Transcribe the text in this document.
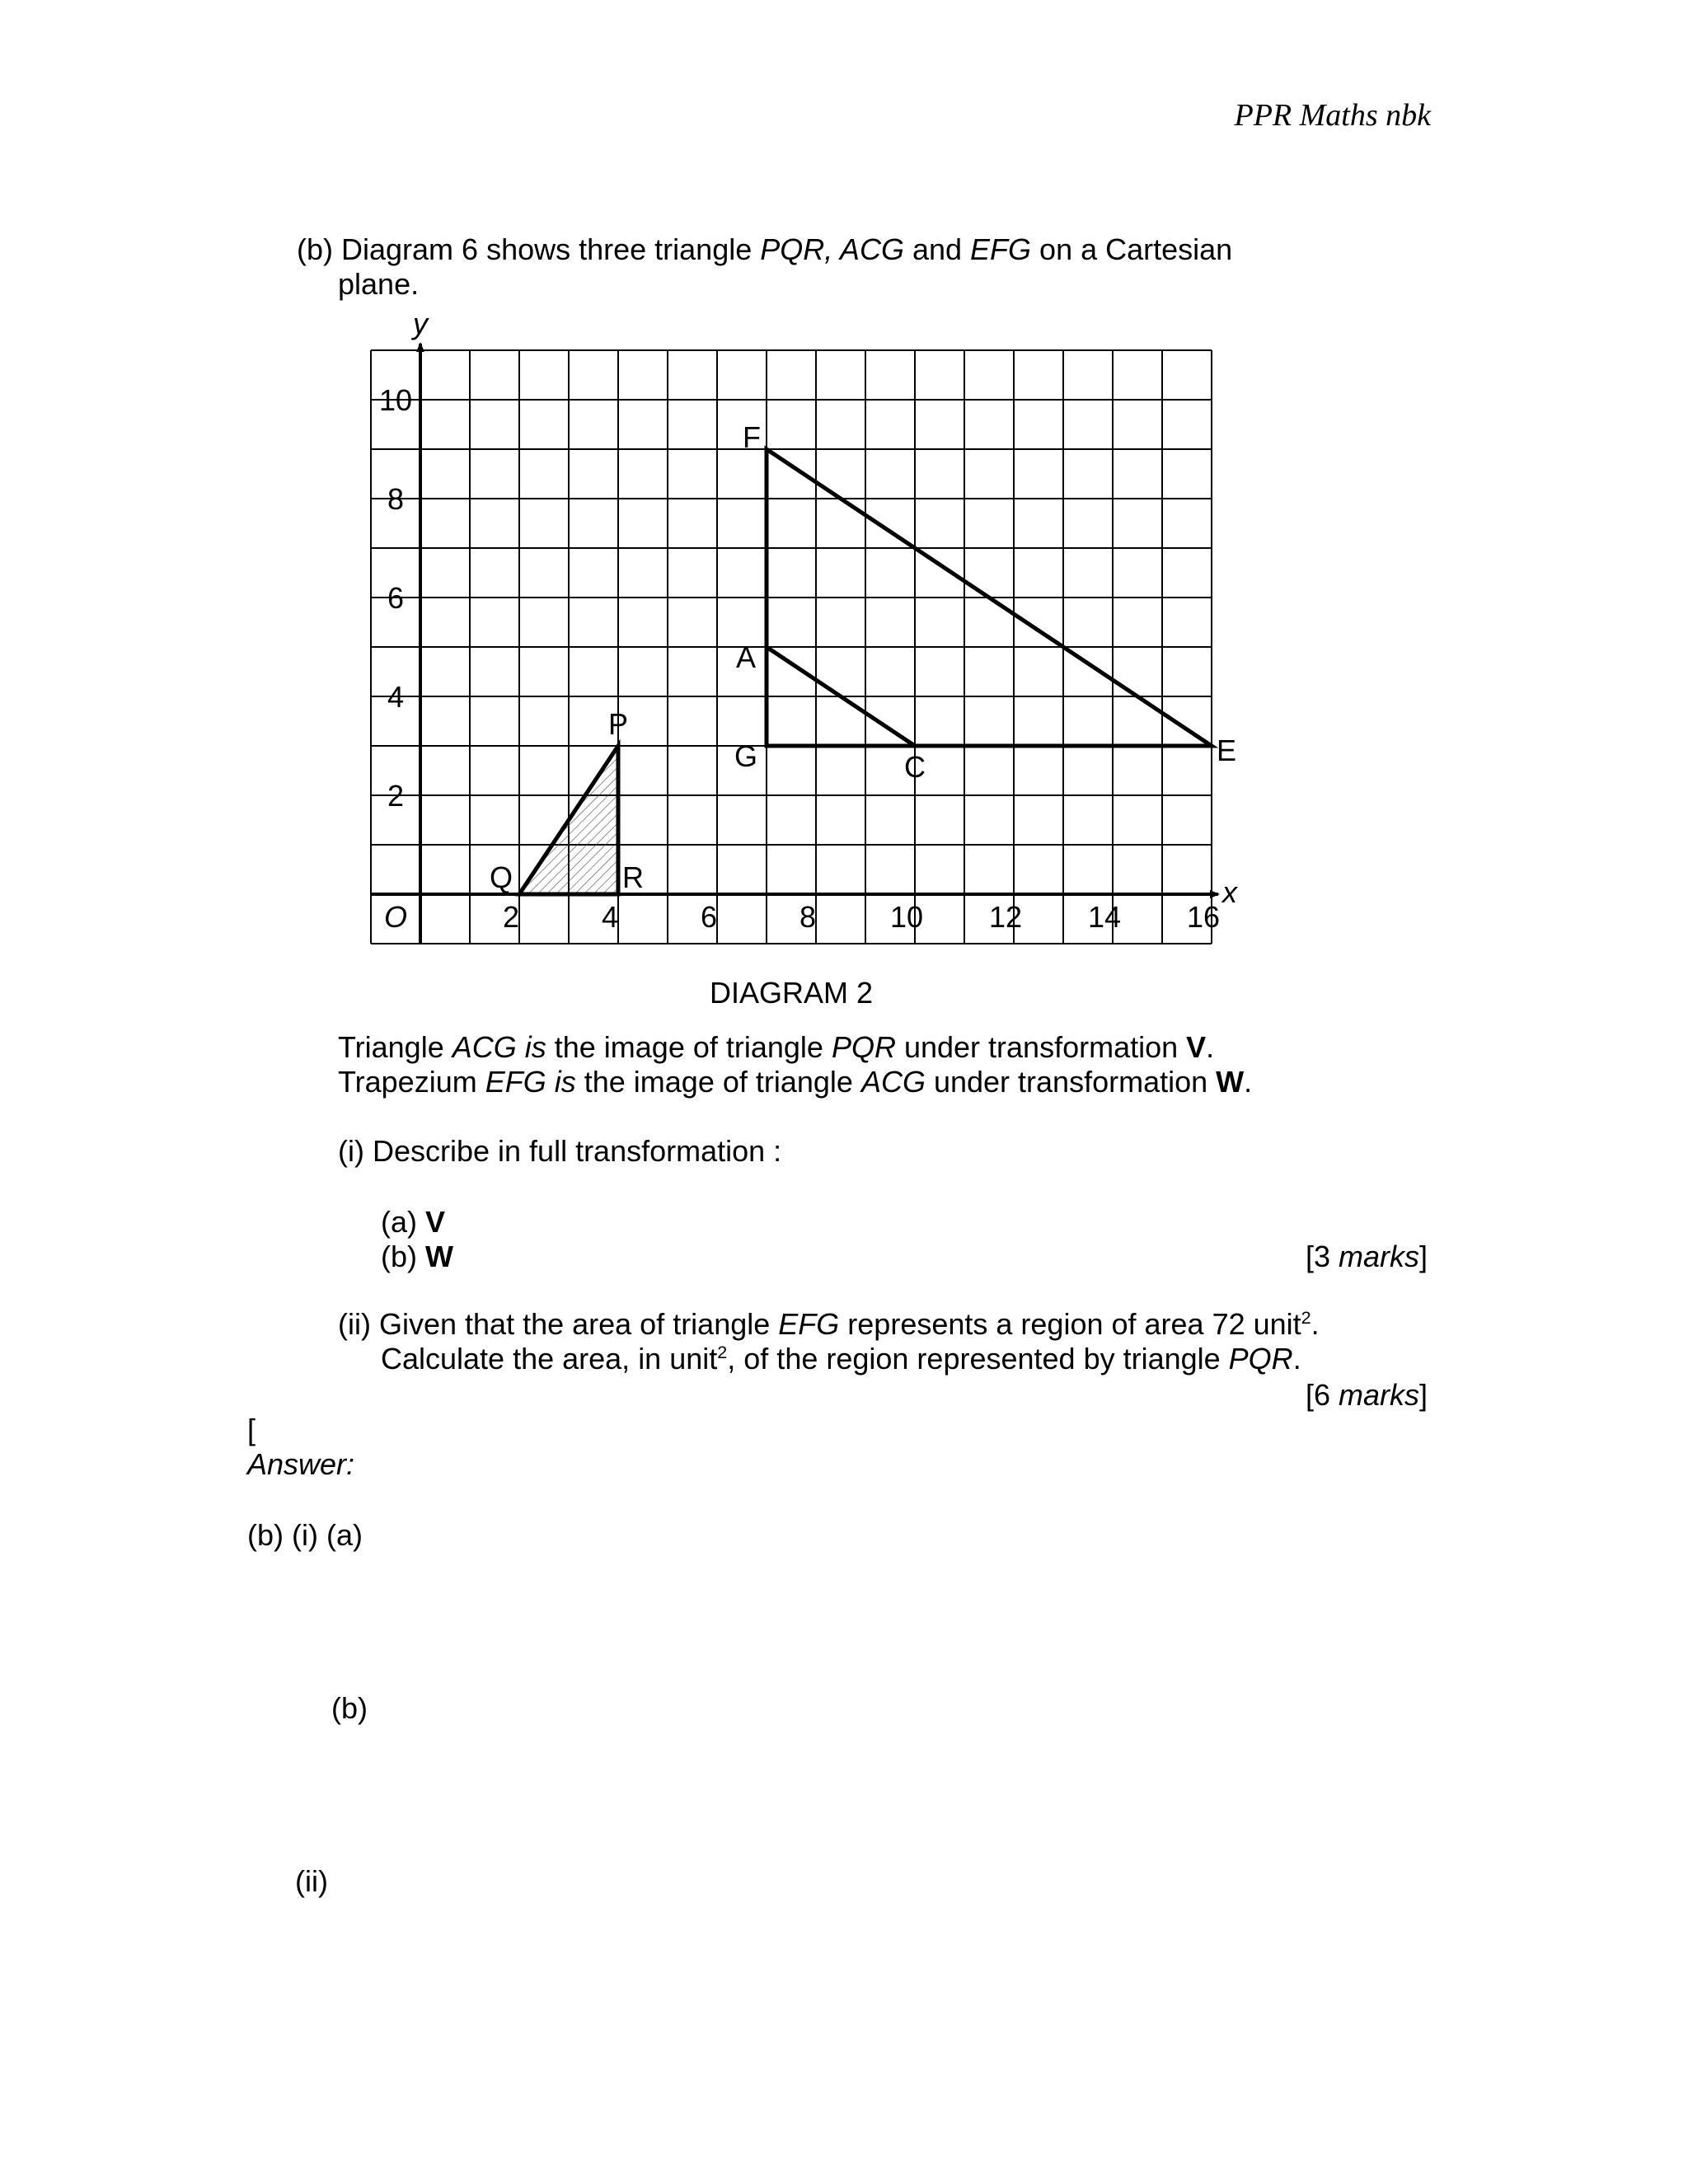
PPR Maths nbk
(b) Diagram 6 shows three triangle PQR, ACG and EFG on a Cartesian
plane.
x
y
O	2	4	6	8 10 12 14 16
2
4
6
8
10
P
Q	R
A
C
G	E
F
DIAGRAM 2
Triangle ACG is the image of triangle PQR under transformation V.
Trapezium EFG is the image of triangle ACG under transformation W.
(i) Describe in full transformation :
(a) V
(b) W	[3 marks]
(ii) Given that the area of triangle EFG represents a region of area 72 unit$^2$.
Calculate the area, in unit$^2$, of the region represented by triangle PQR.
[6 marks]
[
Answer:
(b) (i) (a)
(b)
(ii)
